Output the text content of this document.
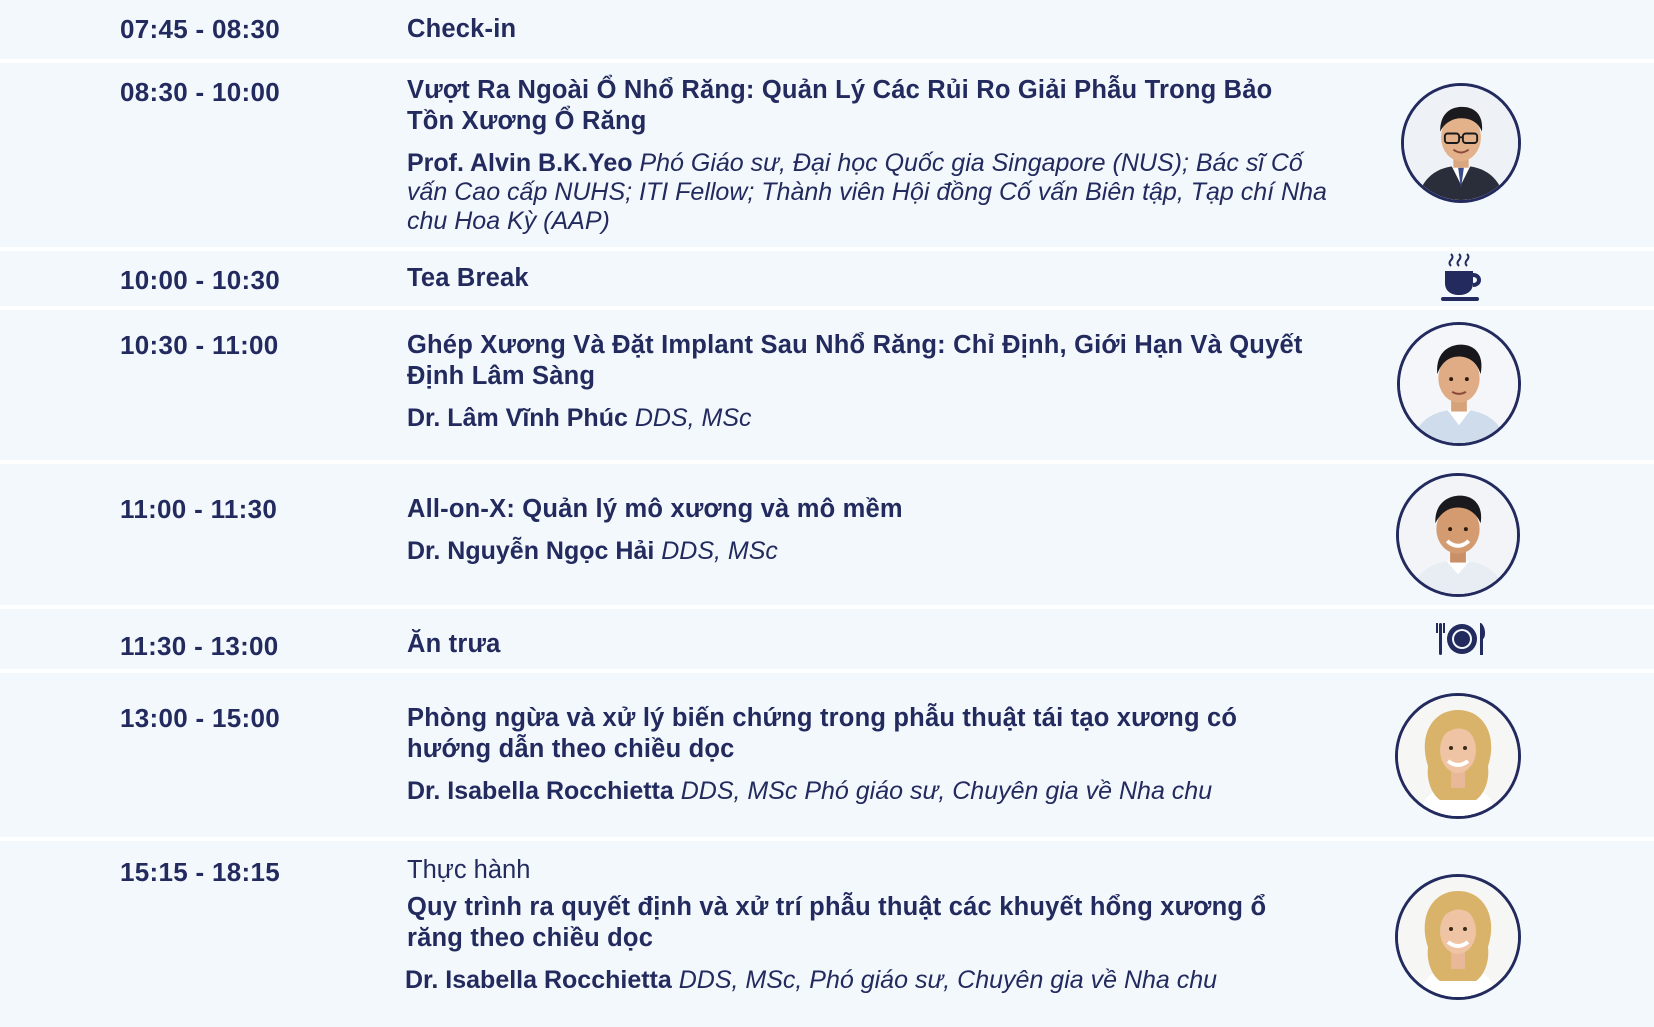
07:45 - 08:30	Check-in
08:30 - 10:00	Vượt Ra Ngoài Ổ Nhổ Răng: Quản Lý Các Rủi Ro Giải Phẫu Trong Bảo Tồn Xương Ổ Răng
Prof. Alvin B.K.Yeo Phó Giáo sư, Đại học Quốc gia Singapore (NUS); Bác sĩ Cố vấn Cao cấp NUHS; ITI Fellow; Thành viên Hội đồng Cố vấn Biên tập, Tạp chí Nha chu Hoa Kỳ (AAP)
10:00 - 10:30	Tea Break
10:30 - 11:00	Ghép Xương Và Đặt Implant Sau Nhổ Răng: Chỉ Định, Giới Hạn Và Quyết Định Lâm Sàng
Dr. Lâm Vĩnh Phúc DDS, MSc
11:00 - 11:30	All-on-X: Quản lý mô xương và mô mềm
Dr. Nguyễn Ngọc Hải DDS, MSc
11:30 - 13:00	Ăn trưa
13:00 - 15:00	Phòng ngừa và xử lý biến chứng trong phẫu thuật tái tạo xương có hướng dẫn theo chiều dọc
Dr. Isabella Rocchietta DDS, MSc Phó giáo sư, Chuyên gia về Nha chu
15:15 - 18:15	Thực hành
Quy trình ra quyết định và xử trí phẫu thuật các khuyết hổng xương ổ răng theo chiều dọc
Dr. Isabella Rocchietta DDS, MSc, Phó giáo sư, Chuyên gia về Nha chu
